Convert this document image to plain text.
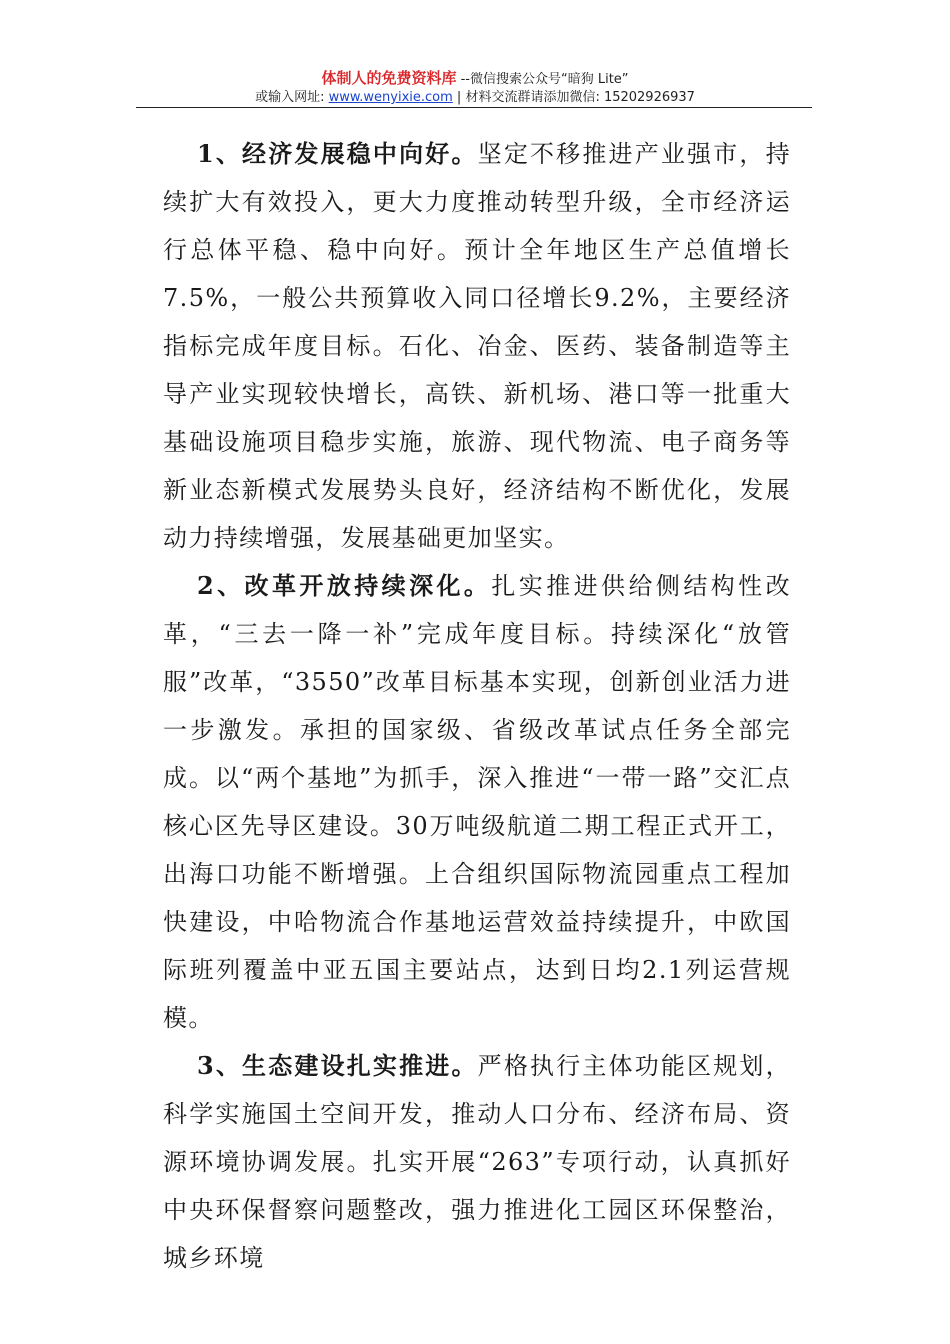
体制人的免费资料库 --微信搜索公众号“暗狗 Lite”
或输入网址: www.wenyixie.com | 材料交流群请添加微信: 15202926937

1、经济发展稳中向好。坚定不移推进产业强市，持续扩大有效投入，更大力度推动转型升级，全市经济运行总体平稳、稳中向好。预计全年地区生产总值增长7.5%，一般公共预算收入同口径增长9.2%，主要经济指标完成年度目标。石化、冶金、医药、装备制造等主导产业实现较快增长，高铁、新机场、港口等一批重大基础设施项目稳步实施，旅游、现代物流、电子商务等新业态新模式发展势头良好，经济结构不断优化，发展动力持续增强，发展基础更加坚实。

2、改革开放持续深化。扎实推进供给侧结构性改革，“三去一降一补”完成年度目标。持续深化“放管服”改革，“3550”改革目标基本实现，创新创业活力进一步激发。承担的国家级、省级改革试点任务全部完成。以“两个基地”为抓手，深入推进“一带一路”交汇点核心区先导区建设。30万吨级航道二期工程正式开工，出海口功能不断增强。上合组织国际物流园重点工程加快建设，中哈物流合作基地运营效益持续提升，中欧国际班列覆盖中亚五国主要站点，达到日均2.1列运营规模。

3、生态建设扎实推进。严格执行主体功能区规划，科学实施国土空间开发，推动人口分布、经济布局、资源环境协调发展。扎实开展“263”专项行动，认真抓好中央环保督察问题整改，强力推进化工园区环保整治，城乡环境
